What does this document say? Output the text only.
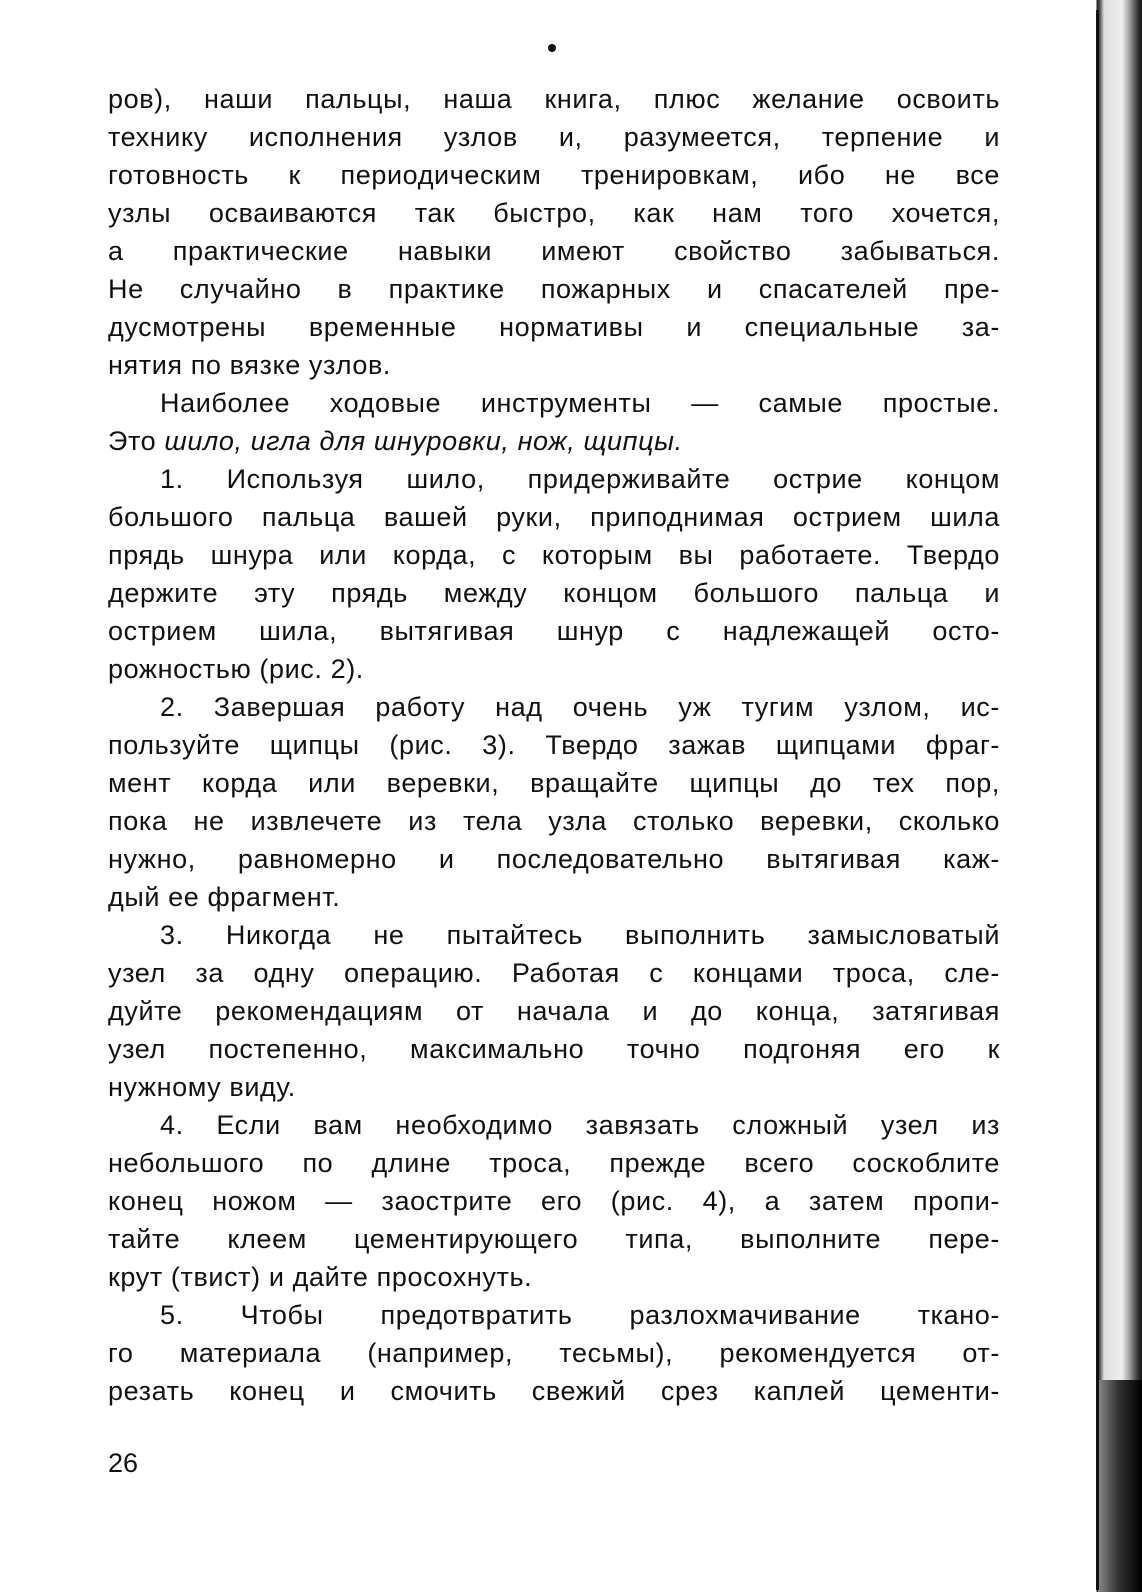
ров), наши пальцы, наша книга, плюс желание освоить
технику исполнения узлов и, разумеется, терпение и
готовность к периодическим тренировкам, ибо не все
узлы осваиваются так быстро, как нам того хочется,
а практические навыки имеют свойство забываться.
Не случайно в практике пожарных и спасателей пре-
дусмотрены временные нормативы и специальные за-
нятия по вязке узлов.
Наиболее ходовые инструменты — самые простые.
Это шило, игла для шнуровки, нож, щипцы.
1. Используя шило, придерживайте острие концом
большого пальца вашей руки, приподнимая острием шила
прядь шнура или корда, с которым вы работаете. Твердо
держите эту прядь между концом большого пальца и
острием шила, вытягивая шнур с надлежащей осто-
рожностью (рис. 2).
2. Завершая работу над очень уж тугим узлом, ис-
пользуйте щипцы (рис. 3). Твердо зажав щипцами фраг-
мент корда или веревки, вращайте щипцы до тех пор,
пока не извлечете из тела узла столько веревки, сколько
нужно, равномерно и последовательно вытягивая каж-
дый ее фрагмент.
3. Никогда не пытайтесь выполнить замысловатый
узел за одну операцию. Работая с концами троса, сле-
дуйте рекомендациям от начала и до конца, затягивая
узел постепенно, максимально точно подгоняя его к
нужному виду.
4. Если вам необходимо завязать сложный узел из
небольшого по длине троса, прежде всего соскоблите
конец ножом — заострите его (рис. 4), а затем пропи-
тайте клеем цементирующего типа, выполните пере-
крут (твист) и дайте просохнуть.
5. Чтобы предотвратить разлохмачивание ткано-
го материала (например, тесьмы), рекомендуется от-
резать конец и смочить свежий срез каплей цементи-
26
